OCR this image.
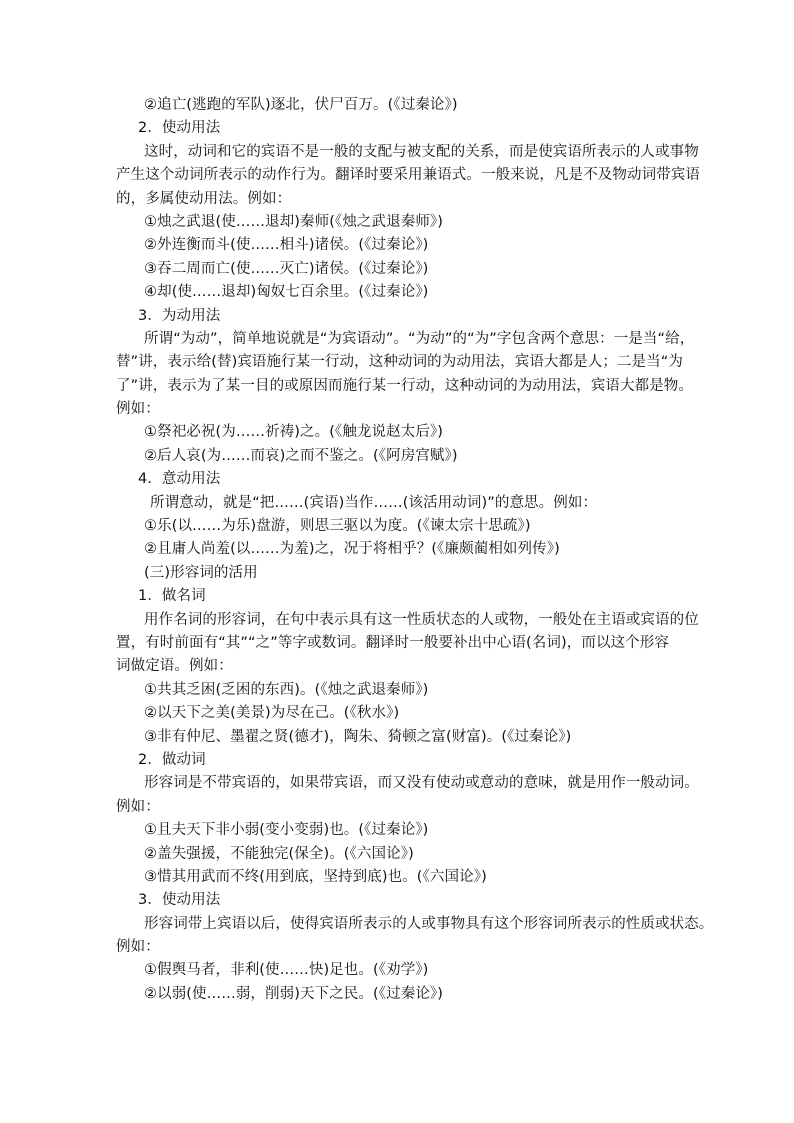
②追亡(逃跑的军队)逐北，伏尸百万。(《过秦论》)
2．使动用法
这时，动词和它的宾语不是一般的支配与被支配的关系，而是使宾语所表示的人或事物
产生这个动词所表示的动作行为。翻译时要采用兼语式。一般来说，凡是不及物动词带宾语
的，多属使动用法。例如：
①烛之武退(使……退却)秦师(《烛之武退秦师》)
②外连衡而斗(使……相斗)诸侯。(《过秦论》)
③吞二周而亡(使……灭亡)诸侯。(《过秦论》)
④却(使……退却)匈奴七百余里。(《过秦论》)
3．为动用法
所谓“为动”，简单地说就是“为宾语动”。“为动”的“为”字包含两个意思：一是当“给，
替”讲，表示给(替)宾语施行某一行动，这种动词的为动用法，宾语大都是人；二是当“为
了”讲，表示为了某一目的或原因而施行某一行动，这种动词的为动用法，宾语大都是物。
例如：
①祭祀必祝(为……祈祷)之。(《触龙说赵太后》)
②后人哀(为……而哀)之而不鉴之。(《阿房宫赋》)
4．意动用法
所谓意动，就是“把……(宾语)当作……(该活用动词)”的意思。例如：
①乐(以……为乐)盘游，则思三驱以为度。(《谏太宗十思疏》)
②且庸人尚羞(以……为羞)之，况于将相乎？(《廉颇蔺相如列传》)
(三)形容词的活用
1．做名词
用作名词的形容词，在句中表示具有这一性质状态的人或物，一般处在主语或宾语的位
置，有时前面有“其”“之”等字或数词。翻译时一般要补出中心语(名词)，而以这个形容
词做定语。例如：
①共其乏困(乏困的东西)。(《烛之武退秦师》)
②以天下之美(美景)为尽在己。(《秋水》)
③非有仲尼、墨翟之贤(德才)，陶朱、猗顿之富(财富)。(《过秦论》)
2．做动词
形容词是不带宾语的，如果带宾语，而又没有使动或意动的意味，就是用作一般动词。
例如：
①且夫天下非小弱(变小变弱)也。(《过秦论》)
②盖失强援，不能独完(保全)。(《六国论》)
③惜其用武而不终(用到底，坚持到底)也。(《六国论》)
3．使动用法
形容词带上宾语以后，使得宾语所表示的人或事物具有这个形容词所表示的性质或状态。
例如：
①假舆马者，非利(使……快)足也。(《劝学》)
②以弱(使……弱，削弱)天下之民。(《过秦论》)
